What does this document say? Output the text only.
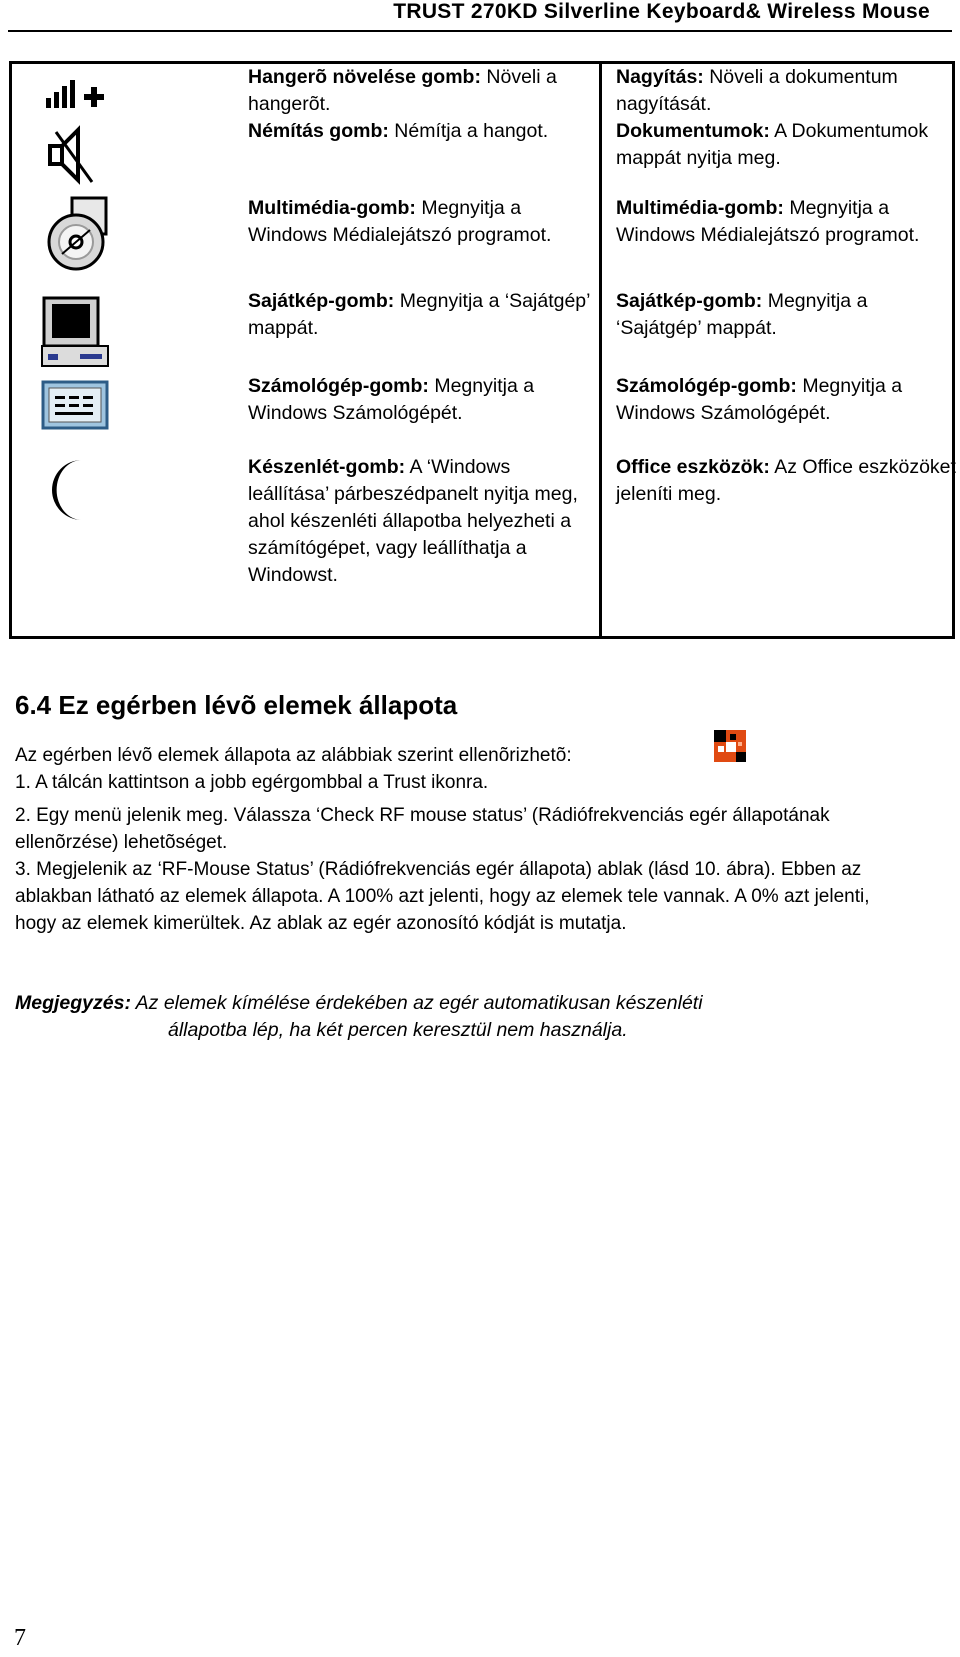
TRUST 270KD Silverline Keyboard& Wireless Mouse
Hangerõ növelése gomb: Növeli a hangerõt.
Némítás gomb: Némítja a hangot.
Multimédia-gomb: Megnyitja a Windows Médialejátszó programot.
Sajátkép-gomb: Megnyitja a ‘Sajátgép’ mappát.
Számológép-gomb: Megnyitja a Windows Számológépét.
Készenlét-gomb: A ‘Windows leállítása’ párbeszédpanelt nyitja meg, ahol készenléti állapotba helyezheti a számítógépet, vagy leállíthatja a Windowst.
Nagyítás: Növeli a dokumentum nagyítását.
Dokumentumok: A Dokumentumok mappát nyitja meg.
Multimédia-gomb: Megnyitja a Windows Médialejátszó programot.
Sajátkép-gomb: Megnyitja a ‘Sajátgép’ mappát.
Számológép-gomb: Megnyitja a Windows Számológépét.
Office eszközök: Az Office eszközöket jeleníti meg.
6.4 Ez egérben lévõ elemek állapota
Az egérben lévõ elemek állapota az alábbiak szerint ellenõrizhetõ:
1. A tálcán kattintson a jobb egérgombbal a Trust ikonra.
2. Egy menü jelenik meg. Válassza ‘Check RF mouse status’ (Rádiófrekvenciás egér állapotának ellenõrzése) lehetõséget.
3. Megjelenik az ‘RF-Mouse Status’ (Rádiófrekvenciás egér állapota) ablak (lásd 10. ábra). Ebben az ablakban látható az elemek állapota. A 100% azt jelenti, hogy az elemek tele vannak. A 0% azt jelenti, hogy az elemek kimerültek. Az ablak az egér azonosító kódját is mutatja.
Megjegyzés: Az elemek kímélése érdekében az egér automatikusan készenléti
állapotba lép, ha két percen keresztül nem használja.
7
